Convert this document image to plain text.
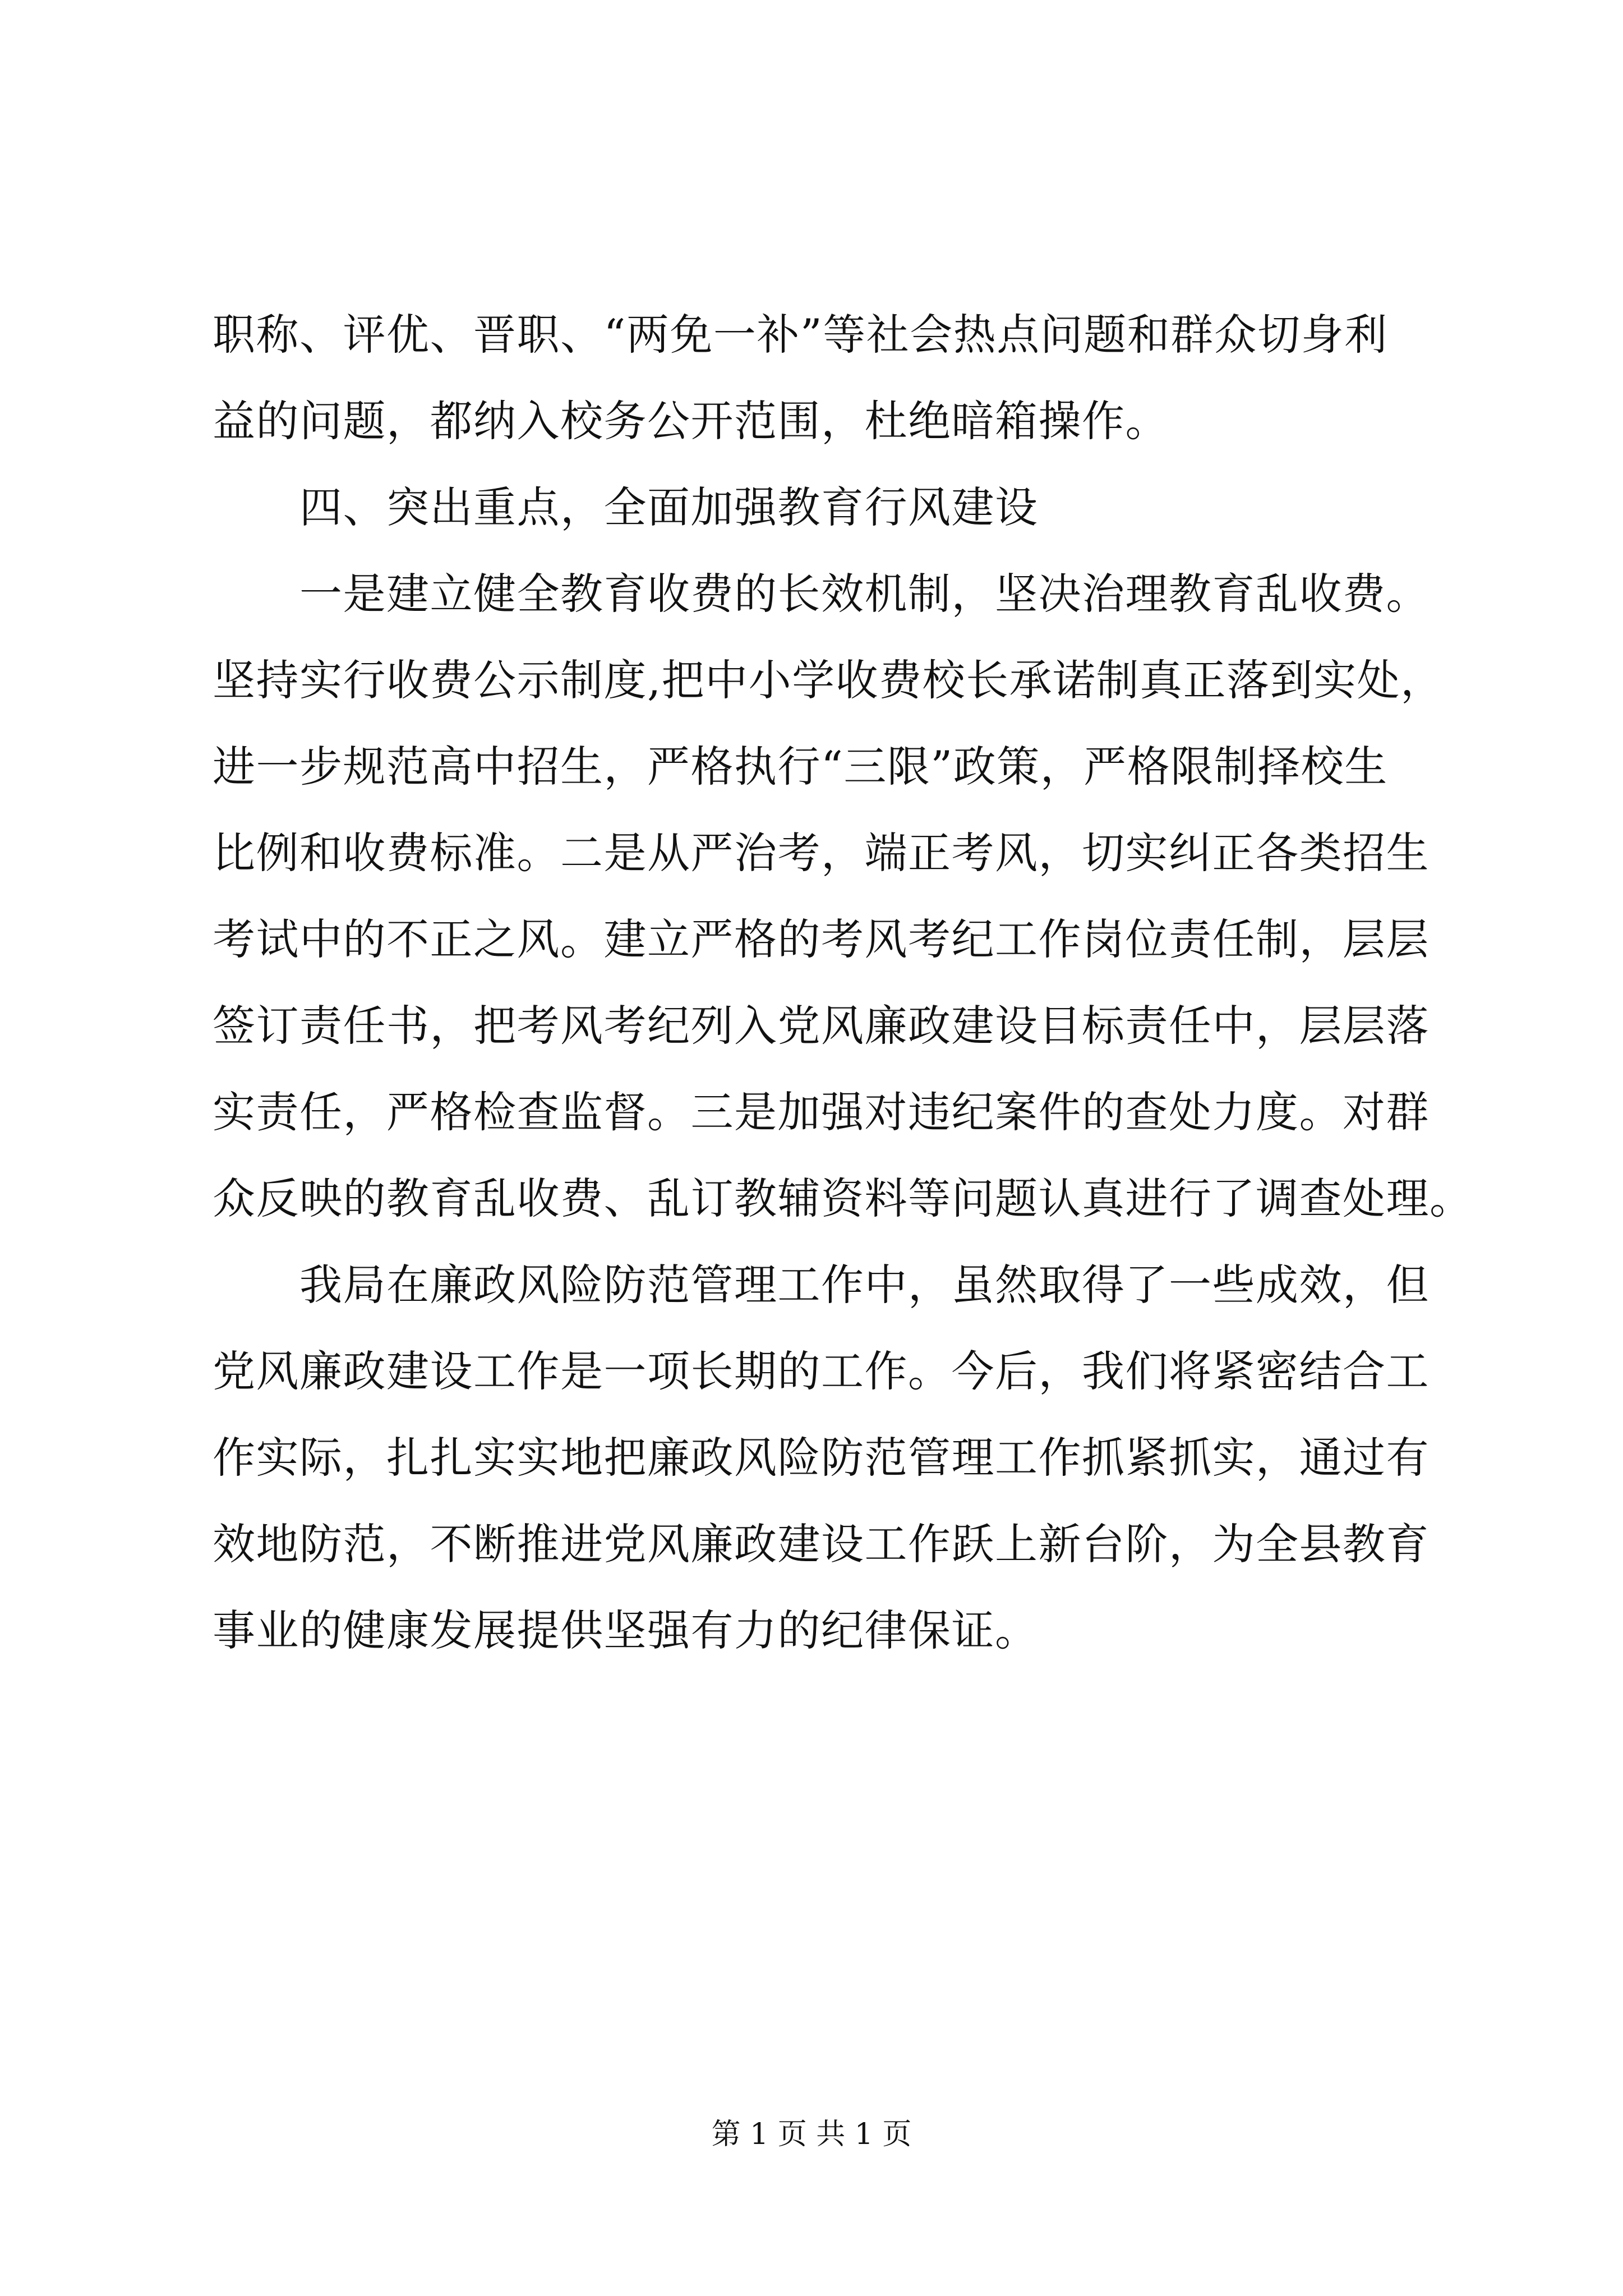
职称、评优、晋职、“两免一补”等社会热点问题和群众切身利
益的问题，都纳入校务公开范围，杜绝暗箱操作。
　　四、突出重点，全面加强教育行风建设
　　一是建立健全教育收费的长效机制，坚决治理教育乱收费。
坚持实行收费公示制度,把中小学收费校长承诺制真正落到实处，
进一步规范高中招生，严格执行“三限”政策，严格限制择校生
比例和收费标准。二是从严治考，端正考风，切实纠正各类招生
考试中的不正之风。建立严格的考风考纪工作岗位责任制，层层
签订责任书，把考风考纪列入党风廉政建设目标责任中，层层落
实责任，严格检查监督。三是加强对违纪案件的查处力度。对群
众反映的教育乱收费、乱订教辅资料等问题认真进行了调查处理。
　　我局在廉政风险防范管理工作中，虽然取得了一些成效，但
党风廉政建设工作是一项长期的工作。今后，我们将紧密结合工
作实际，扎扎实实地把廉政风险防范管理工作抓紧抓实，通过有
效地防范，不断推进党风廉政建设工作跃上新台阶，为全县教育
事业的健康发展提供坚强有力的纪律保证。
第 1 页 共 1 页
